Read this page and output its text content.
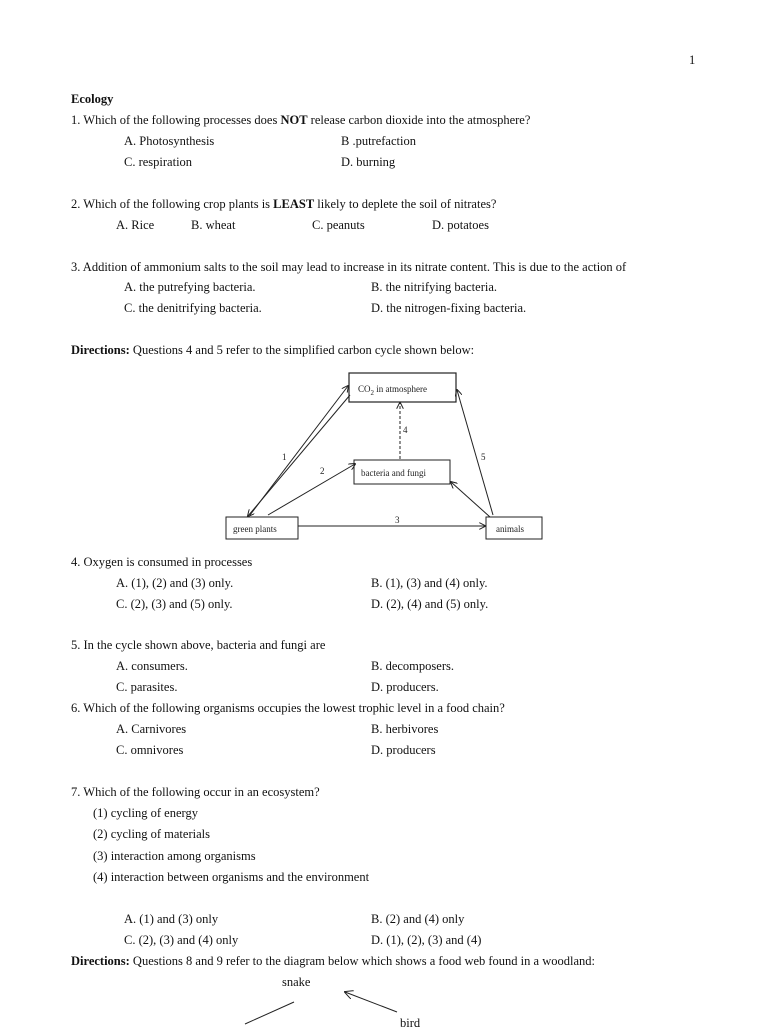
1
Ecology
1. Which of the following processes does NOT release carbon dioxide into the atmosphere?
A. Photosynthesis	B .putrefaction
C. respiration	D. burning
2. Which of the following crop plants is LEAST likely to deplete the soil of nitrates?
A. Rice	B. wheat	C. peanuts	D. potatoes
3. Addition of ammonium salts to the soil may lead to increase in its nitrate content. This is due to the action of
A. the putrefying bacteria.	B. the nitrifying bacteria.
C. the denitrifying bacteria.	D. the nitrogen-fixing bacteria.
Directions: Questions 4 and 5 refer to the simplified carbon cycle shown below:
$CO_2$ in atmosphere
bacteria and fungi
green plants	animals
1
2
3
4
5
4. Oxygen is consumed in processes
A. (1), (2) and (3) only.	B. (1), (3) and (4) only.
C. (2), (3) and (5) only.	D. (2), (4) and (5) only.
5. In the cycle shown above, bacteria and fungi are
A. consumers.	B. decomposers.
C. parasites.	D. producers.
6. Which of the following organisms occupies the lowest trophic level in a food chain?
A. Carnivores	B. herbivores
C. omnivores	D. producers
7. Which of the following occur in an ecosystem?
(1) cycling of energy
(2) cycling of materials
(3) interaction among organisms
(4) interaction between organisms and the environment
A. (1) and (3) only	B. (2) and (4) only
C. (2), (3) and (4) only	D. (1), (2), (3) and (4)
Directions: Questions 8 and 9 refer to the diagram below which shows a food web found in a woodland:
snake
bird
